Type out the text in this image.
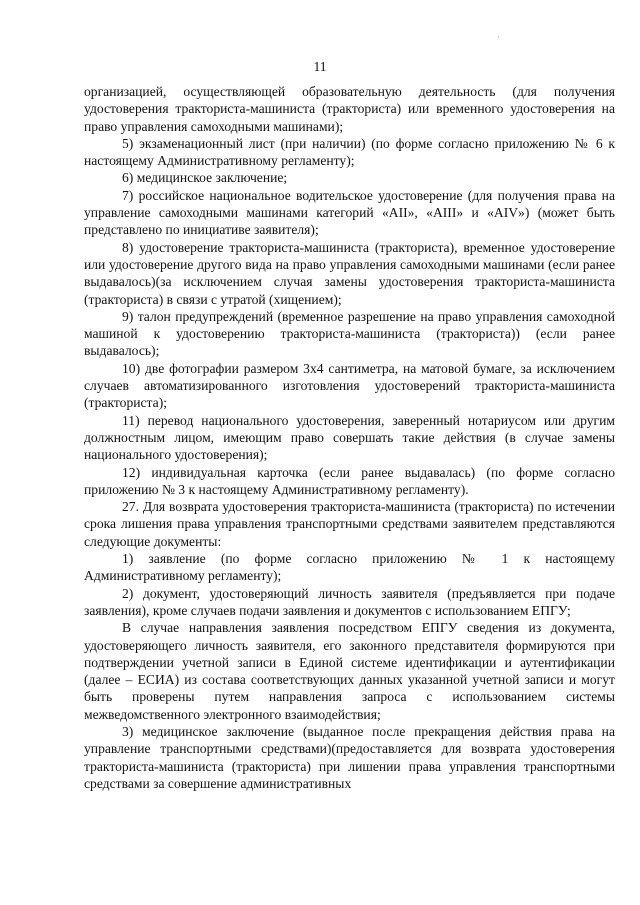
·
11

организацией, осуществляющей образовательную деятельность (для получения удостоверения тракториста-машиниста (тракториста) или временного удостоверения на право управления самоходными машинами);

5) экзаменационный лист (при наличии) (по форме согласно приложению № 6 к настоящему Административному регламенту);

6) медицинское заключение;

7) российское национальное водительское удостоверение (для получения права на управление самоходными машинами категорий «AII», «AIII» и «AIV») (может быть представлено по инициативе заявителя);

8) удостоверение тракториста-машиниста (тракториста), временное удостоверение или удостоверение другого вида на право управления самоходными машинами (если ранее выдавалось)(за исключением случая замены удостоверения тракториста-машиниста (тракториста) в связи с утратой (хищением);

9) талон предупреждений (временное разрешение на право управления самоходной машиной к удостоверению тракториста-машиниста (тракториста)) (если ранее выдавалось);

10) две фотографии размером 3х4 сантиметра, на матовой бумаге, за исключением случаев автоматизированного изготовления удостоверений тракториста-машиниста (тракториста);

11) перевод национального удостоверения, заверенный нотариусом или другим должностным лицом, имеющим право совершать такие действия (в случае замены национального удостоверения);

12) индивидуальная карточка (если ранее выдавалась) (по форме согласно приложению № 3 к настоящему Административному регламенту).

27. Для возврата удостоверения тракториста-машиниста (тракториста) по истечении срока лишения права управления транспортными средствами заявителем представляются следующие документы:

1) заявление (по форме согласно приложению № 1 к настоящему Административному регламенту);

2) документ, удостоверяющий личность заявителя (предъявляется при подаче заявления), кроме случаев подачи заявления и документов с использованием ЕПГУ;

В случае направления заявления посредством ЕПГУ сведения из документа, удостоверяющего личность заявителя, его законного представителя формируются при подтверждении учетной записи в Единой системе идентификации и аутентификации (далее – ЕСИА) из состава соответствующих данных указанной учетной записи и могут быть проверены путем направления запроса с использованием системы межведомственного электронного взаимодействия;

3) медицинское заключение (выданное после прекращения действия права на управление транспортными средствами)(предоставляется для возврата удостоверения тракториста-машиниста (тракториста) при лишении права управления транспортными средствами за совершение административных
